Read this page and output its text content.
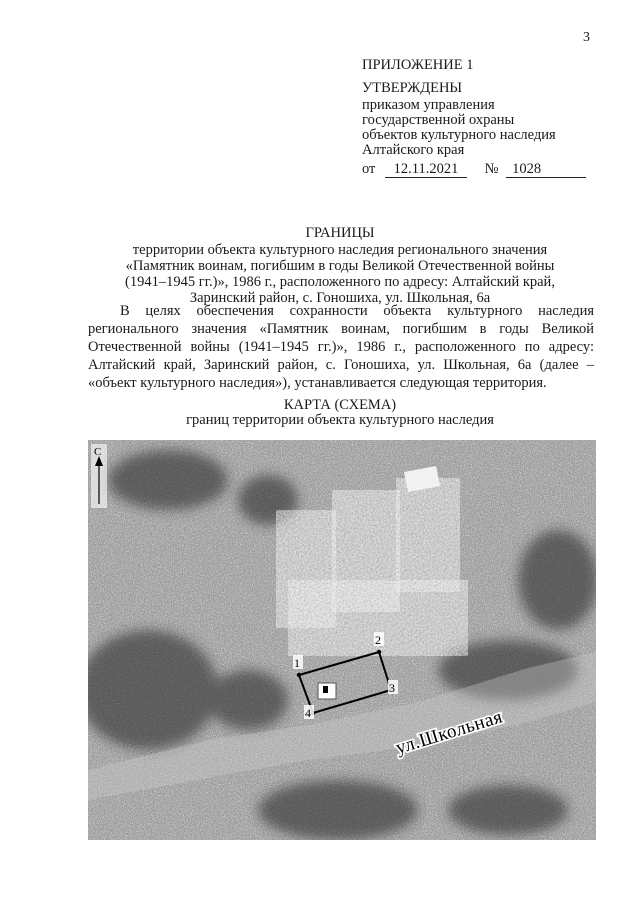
3
ПРИЛОЖЕНИЕ 1
УТВЕРЖДЕНЫ
приказом управления
государственной охраны
объектов культурного наследия
Алтайского края
от 12.11.2021 № 1028
ГРАНИЦЫ
территории объекта культурного наследия регионального значения
«Памятник воинам, погибшим в годы Великой Отечественной войны
(1941–1945 гг.)», 1986 г., расположенного по адресу: Алтайский край,
Заринский район, с. Гоношиха, ул. Школьная, 6а

В целях обеспечения сохранности объекта культурного наследия регионального значения «Памятник воинам, погибшим в годы Великой Отечественной войны (1941–1945 гг.)», 1986 г., расположенного по адресу: Алтайский край, Заринский район, с. Гоношиха, ул. Школьная, 6а (далее – «объект культурного наследия»), устанавливается следующая территория.

КАРТА (СХЕМА)
границ территории объекта культурного наследия
1
2
3
4
С
ул.Школьная
